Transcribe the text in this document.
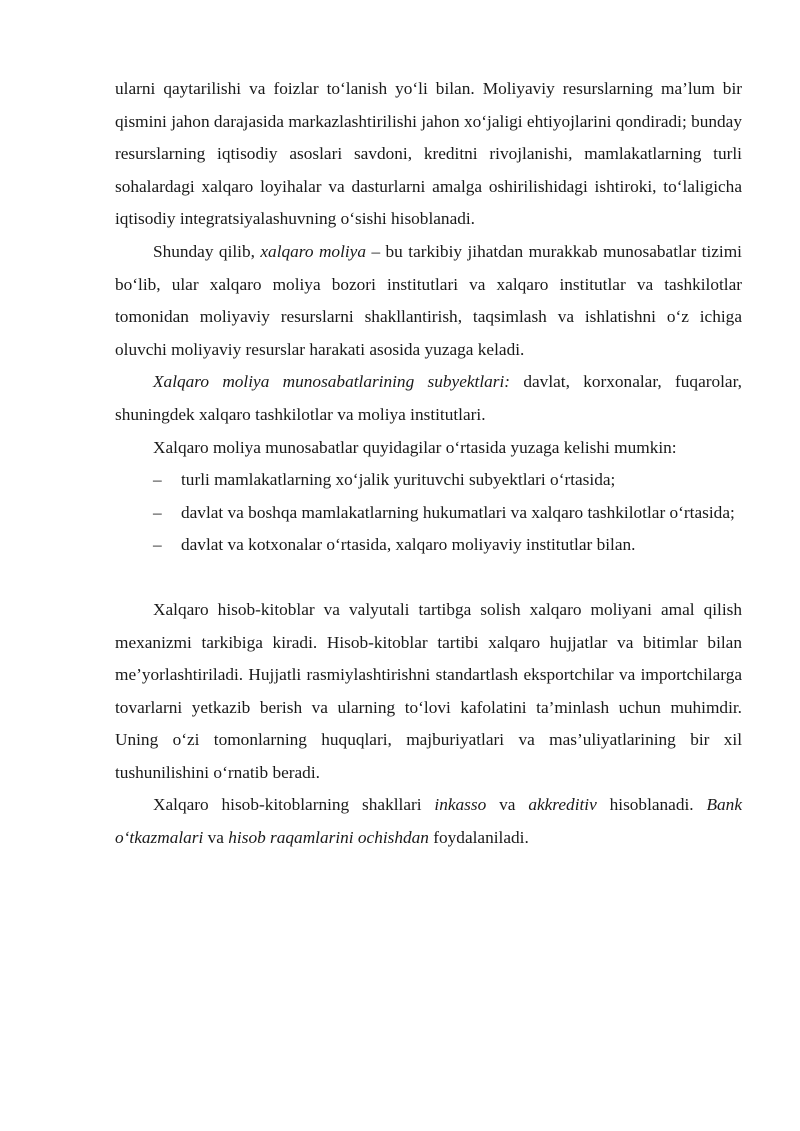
ularni qaytarilishi va foizlar to‘lanish yo‘li bilan. Moliyaviy resurslarning ma’lum bir qismini jahon darajasida markazlashtirilishi jahon xo‘jaligi ehtiyojlarini qondiradi; bunday resurslarning iqtisodiy asoslari savdoni, kreditni rivojlanishi, mamlakatlarning turli sohalardagi xalqaro loyihalar va dasturlarni amalga oshirilishidagi ishtiroki, to‘laligicha iqtisodiy integratsiyalashuvning o‘sishi hisoblanadi.

Shunday qilib, xalqaro moliya – bu tarkibiy jihatdan murakkab munosabatlar tizimi bo‘lib, ular xalqaro moliya bozori institutlari va xalqaro institutlar va tashkilotlar tomonidan moliyaviy resurslarni shakllantirish, taqsimlash va ishlatishni o‘z ichiga oluvchi moliyaviy resurslar harakati asosida yuzaga keladi.

Xalqaro moliya munosabatlarining subyektlari: davlat, korxonalar, fuqarolar, shuningdek xalqaro tashkilotlar va moliya institutlari.

Xalqaro moliya munosabatlar quyidagilar o‘rtasida yuzaga kelishi mumkin:

– turli mamlakatlarning xo‘jalik yurituvchi subyektlari o‘rtasida;

– davlat va boshqa mamlakatlarning hukumatlari va xalqaro tashkilotlar o‘rtasida;

– davlat va kotxonalar o‘rtasida, xalqaro moliyaviy institutlar bilan.

Xalqaro hisob-kitoblar va valyutali tartibga solish xalqaro moliyani amal qilish mexanizmi tarkibiga kiradi. Hisob-kitoblar tartibi xalqaro hujjatlar va bitimlar bilan me’yorlashtiriladi. Hujjatli rasmiylashtirishni standartlash eksportchilar va importchilarga tovarlarni yetkazib berish va ularning to‘lovi kafolatini ta’minlash uchun muhimdir. Uning o‘zi tomonlarning huquqlari, majburiyatlari va mas’uliyatlarining bir xil tushunilishini o‘rnatib beradi.

Xalqaro hisob-kitoblarning shakllari inkasso va akkreditiv hisoblanadi. Bank o‘tkazmalari va hisob raqamlarini ochishdan foydalaniladi.
